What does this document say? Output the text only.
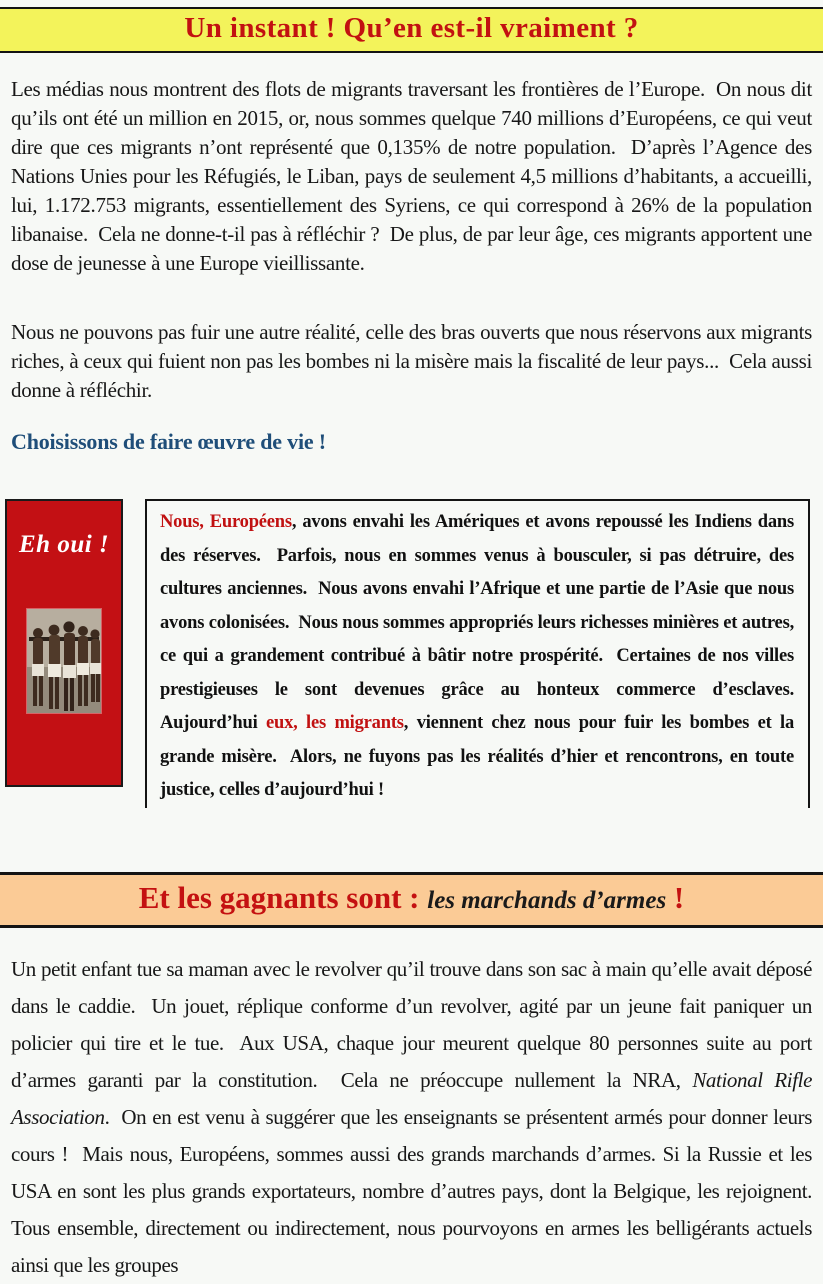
Un instant ! Qu’en est-il vraiment ?

Les médias nous montrent des flots de migrants traversant les frontières de l’Europe.  On nous dit qu’ils ont été un million en 2015, or, nous sommes quelque 740 millions d’Européens, ce qui veut dire que ces migrants n’ont représenté que 0,135% de notre population.  D’après l’Agence des Nations Unies pour les Réfugiés, le Liban, pays de seulement 4,5 millions d’habitants, a accueilli, lui, 1.172.753 migrants, essentiellement des Syriens, ce qui correspond à 26% de la population libanaise.  Cela ne donne-t-il pas à réfléchir ?  De plus, de par leur âge, ces migrants apportent une dose de jeunesse à une Europe vieillissante.

Nous ne pouvons pas fuir une autre réalité, celle des bras ouverts que nous réservons aux migrants riches, à ceux qui fuient non pas les bombes ni la misère mais la fiscalité de leur pays...  Cela aussi donne à réfléchir.

Choisissons de faire œuvre de vie !

Eh oui !
Nous, Européens, avons envahi les Amériques et avons repoussé les Indiens dans des réserves.  Parfois, nous en sommes venus à bousculer, si pas détruire, des cultures anciennes.  Nous avons envahi l’Afrique et une partie de l’Asie que nous avons colonisées.  Nous nous sommes appropriés leurs richesses minières et autres, ce qui a grandement contribué à bâtir notre prospérité.  Certaines de nos villes prestigieuses le sont devenues grâce au honteux commerce d’esclaves.  Aujourd’hui eux, les migrants, viennent chez nous pour fuir les bombes et la grande misère.  Alors, ne fuyons pas les réalités d’hier et rencontrons, en toute justice, celles d’aujourd’hui !
Et les gagnants sont : les marchands d’armes !

Un petit enfant tue sa maman avec le revolver qu’il trouve dans son sac à main qu’elle avait déposé dans le caddie.  Un jouet, réplique conforme d’un revolver, agité par un jeune fait paniquer un policier qui tire et le tue.  Aux USA, chaque jour meurent quelque 80 personnes suite au port d’armes garanti par la constitution.  Cela ne préoccupe nullement la NRA, National Rifle Association.  On en est venu à suggérer que les enseignants se présentent armés pour donner leurs cours !  Mais nous, Européens, sommes aussi des grands marchands d’armes. Si la Russie et les USA en sont les plus grands exportateurs, nombre d’autres pays, dont la Belgique, les rejoignent. Tous ensemble, directement ou indirectement, nous pourvoyons en armes les belligérants actuels ainsi que les groupes
